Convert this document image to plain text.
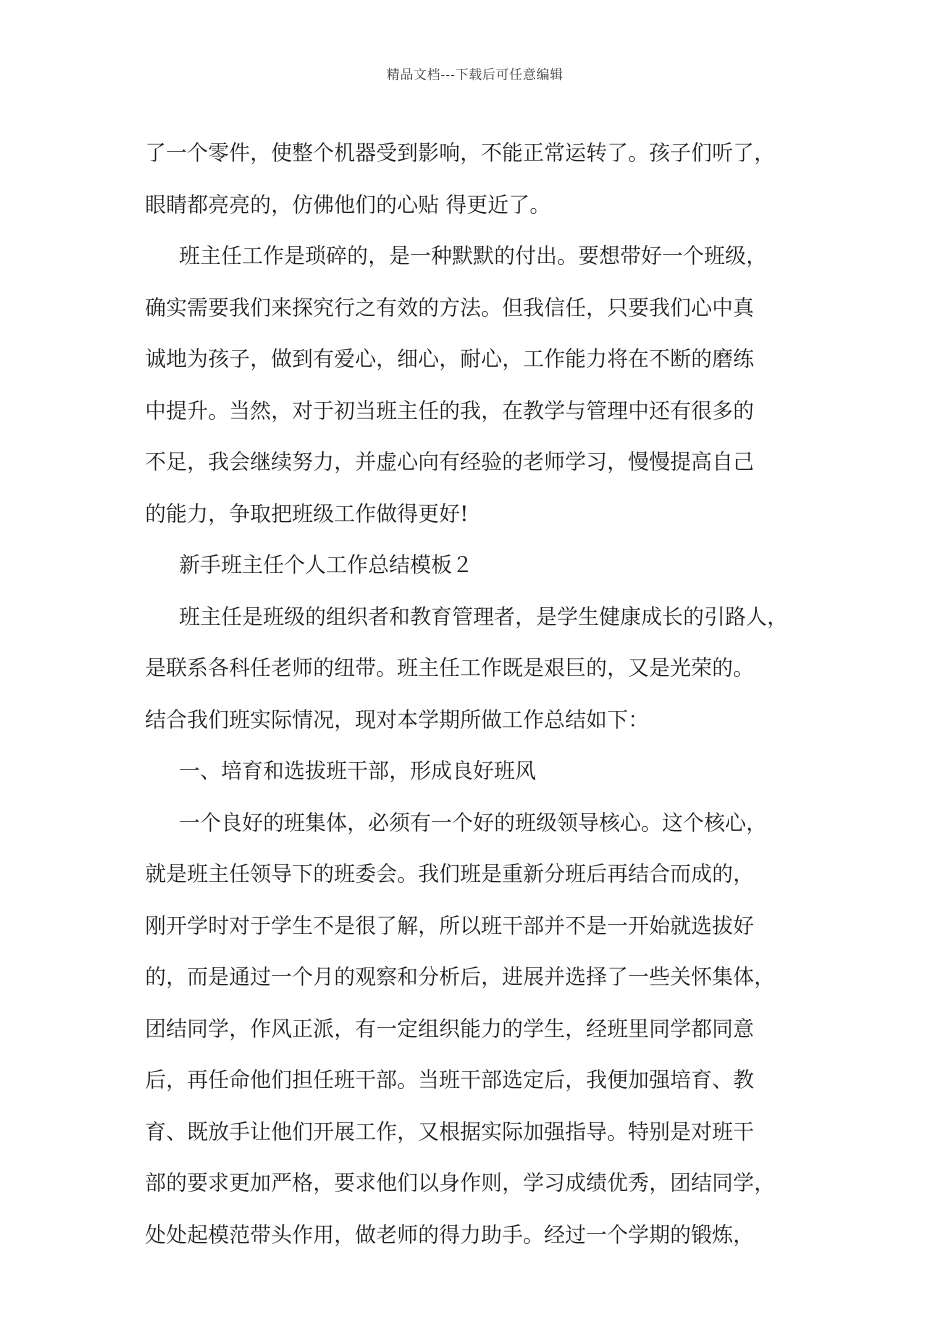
精品文档---下载后可任意编辑
了一个零件，使整个机器受到影响，不能正常运转了。孩子们听了，
眼睛都亮亮的，仿佛他们的心贴 得更近了。
班主任工作是琐碎的，是一种默默的付出。要想带好一个班级，
确实需要我们来探究行之有效的方法。但我信任，只要我们心中真
诚地为孩子，做到有爱心，细心，耐心，工作能力将在不断的磨练
中提升。当然，对于初当班主任的我，在教学与管理中还有很多的
不足，我会继续努力，并虚心向有经验的老师学习，慢慢提高自己
的能力，争取把班级工作做得更好!
新手班主任个人工作总结模板２
班主任是班级的组织者和教育管理者，是学生健康成长的引路人，
是联系各科任老师的纽带。班主任工作既是艰巨的，又是光荣的。
结合我们班实际情况，现对本学期所做工作总结如下：
一、培育和选拔班干部，形成良好班风
一个良好的班集体，必须有一个好的班级领导核心。这个核心，
就是班主任领导下的班委会。我们班是重新分班后再结合而成的，
刚开学时对于学生不是很了解，所以班干部并不是一开始就选拔好
的，而是通过一个月的观察和分析后，进展并选择了一些关怀集体，
团结同学，作风正派，有一定组织能力的学生，经班里同学都同意
后，再任命他们担任班干部。当班干部选定后，我便加强培育、教
育、既放手让他们开展工作，又根据实际加强指导。特别是对班干
部的要求更加严格，要求他们以身作则，学习成绩优秀，团结同学，
处处起模范带头作用，做老师的得力助手。经过一个学期的锻炼，
